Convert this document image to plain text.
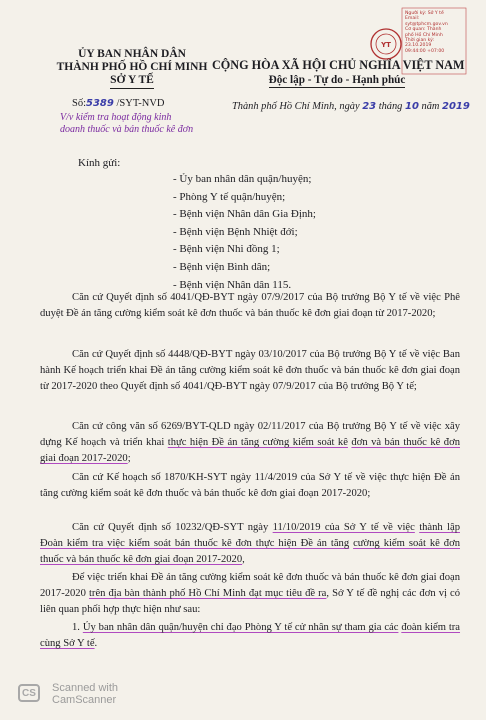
ỦY BAN NHÂN DÂN
THÀNH PHỐ HỒ CHÍ MINH
SỞ Y TẾ
CỘNG HÒA XÃ HỘI CHỦ NGHĨA VIỆT NAM
Độc lập - Tự do - Hạnh phúc
YT
Người ký: Sở Y tế
Email:
syt@tphcm.gov.vn
Cơ quan: Thành
phố Hồ Chí Minh
Thời gian ký:
23.10.2019
09:44:00 +07:00
Số:5389 /SYT-NVD
V/v kiểm tra hoạt động kinh
doanh thuốc và bán thuốc kê đơn
Thành phố Hồ Chí Minh, ngày 23 tháng 10 năm 2019
Kính gửi:
- Ủy ban nhân dân quận/huyện;
- Phòng Y tế quận/huyện;
- Bệnh viện Nhân dân Gia Định;
- Bệnh viện Bệnh Nhiệt đới;
- Bệnh viện Nhi đồng 1;
- Bệnh viện Bình dân;
- Bệnh viện Nhân dân 115.
Căn cứ Quyết định số 4041/QĐ-BYT ngày 07/9/2017 của Bộ trưởng Bộ Y tế về việc Phê duyệt Đề án tăng cường kiểm soát kê đơn thuốc và bán thuốc kê đơn giai đoạn từ 2017-2020;
Căn cứ Quyết định số 4448/QĐ-BYT ngày 03/10/2017 của Bộ trưởng Bộ Y tế về việc Ban hành Kế hoạch triển khai Đề án tăng cường kiểm soát kê đơn thuốc và bán thuốc kê đơn giai đoạn từ 2017-2020 theo Quyết định số 4041/QĐ-BYT ngày 07/9/2017 của Bộ trưởng Bộ Y tế;
Căn cứ công văn số 6269/BYT-QLD ngày 02/11/2017 của Bộ trưởng Bộ Y tế về việc xây dựng Kế hoạch và triển khai thực hiện Đề án tăng cường kiểm soát kê đơn và bán thuốc kê đơn giai đoạn 2017-2020;
Căn cứ Kế hoạch số 1870/KH-SYT ngày 11/4/2019 của Sở Y tế về việc thực hiện Đề án tăng cường kiểm soát kê đơn thuốc và bán thuốc kê đơn giai đoạn 2017-2020;
Căn cứ Quyết định số 10232/QĐ-SYT ngày 11/10/2019 của Sở Y tế về việc thành lập Đoàn kiểm tra việc kiểm soát bán thuốc kê đơn thực hiện Đề án tăng cường kiểm soát kê đơn thuốc và bán thuốc kê đơn giai đoạn 2017-2020,
Để việc triển khai Đề án tăng cường kiểm soát kê đơn thuốc và bán thuốc kê đơn giai đoạn 2017-2020 trên địa bàn thành phố Hồ Chí Minh đạt mục tiêu đề ra, Sở Y tế đề nghị các đơn vị có liên quan phối hợp thực hiện như sau:
1. Ủy ban nhân dân quận/huyện chỉ đạo Phòng Y tế cử nhân sự tham gia các đoàn kiểm tra cùng Sở Y tế.
CS	Scanned with
CamScanner
